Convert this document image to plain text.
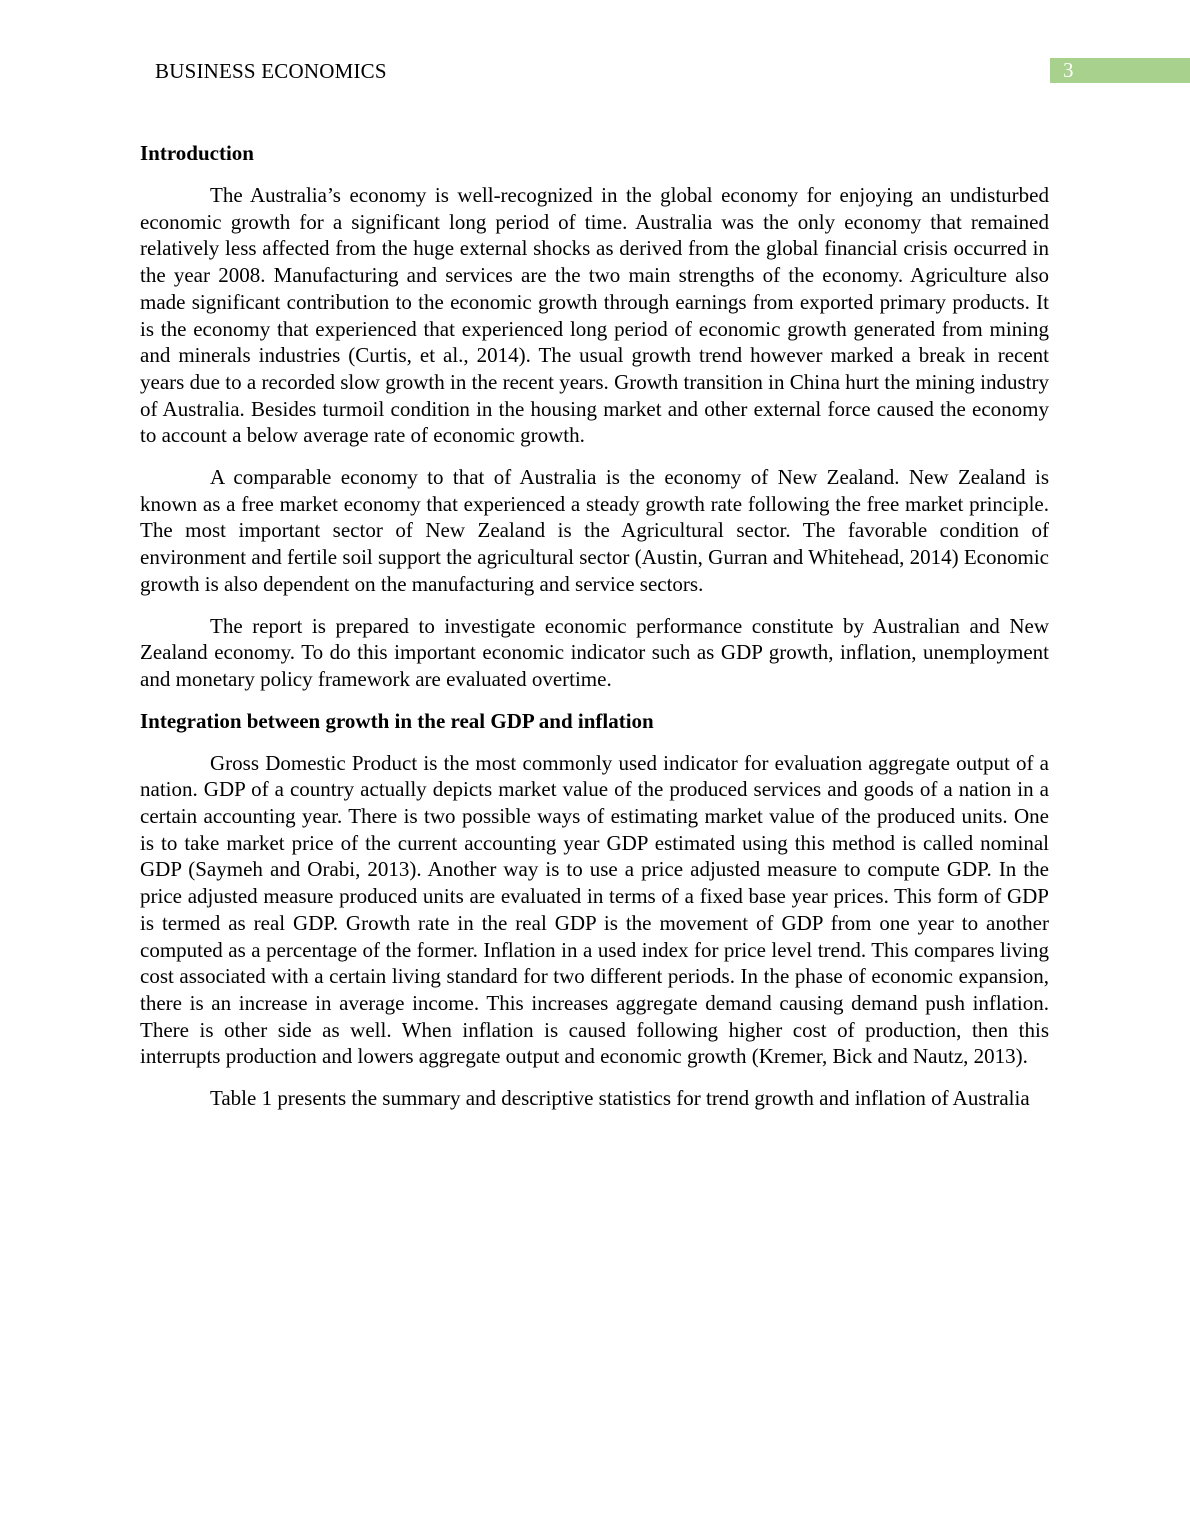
BUSINESS ECONOMICS	3
Introduction

The Australia’s economy is well-recognized in the global economy for enjoying an undisturbed economic growth for a significant long period of time. Australia was the only economy that remained relatively less affected from the huge external shocks as derived from the global financial crisis occurred in the year 2008. Manufacturing and services are the two main strengths of the economy. Agriculture also made significant contribution to the economic growth through earnings from exported primary products. It is the economy that experienced that experienced long period of economic growth generated from mining and minerals industries (Curtis, et al., 2014). The usual growth trend however marked a break in recent years due to a recorded slow growth in the recent years. Growth transition in China hurt the mining industry of Australia. Besides turmoil condition in the housing market and other external force caused the economy to account a below average rate of economic growth.

A comparable economy to that of Australia is the economy of New Zealand. New Zealand is known as a free market economy that experienced a steady growth rate following the free market principle. The most important sector of New Zealand is the Agricultural sector. The favorable condition of environment and fertile soil support the agricultural sector (Austin, Gurran and Whitehead, 2014) Economic growth is also dependent on the manufacturing and service sectors.

The report is prepared to investigate economic performance constitute by Australian and New Zealand economy. To do this important economic indicator such as GDP growth, inflation, unemployment and monetary policy framework are evaluated overtime.

Integration between growth in the real GDP and inflation

Gross Domestic Product is the most commonly used indicator for evaluation aggregate output of a nation. GDP of a country actually depicts market value of the produced services and goods of a nation in a certain accounting year. There is two possible ways of estimating market value of the produced units. One is to take market price of the current accounting year GDP estimated using this method is called nominal GDP (Saymeh and Orabi, 2013). Another way is to use a price adjusted measure to compute GDP. In the price adjusted measure produced units are evaluated in terms of a fixed base year prices. This form of GDP is termed as real GDP. Growth rate in the real GDP is the movement of GDP from one year to another computed as a percentage of the former. Inflation in a used index for price level trend. This compares living cost associated with a certain living standard for two different periods. In the phase of economic expansion, there is an increase in average income. This increases aggregate demand causing demand push inflation. There is other side as well. When inflation is caused following higher cost of production, then this interrupts production and lowers aggregate output and economic growth (Kremer, Bick and Nautz, 2013).

Table 1 presents the summary and descriptive statistics for trend growth and inflation of Australia
